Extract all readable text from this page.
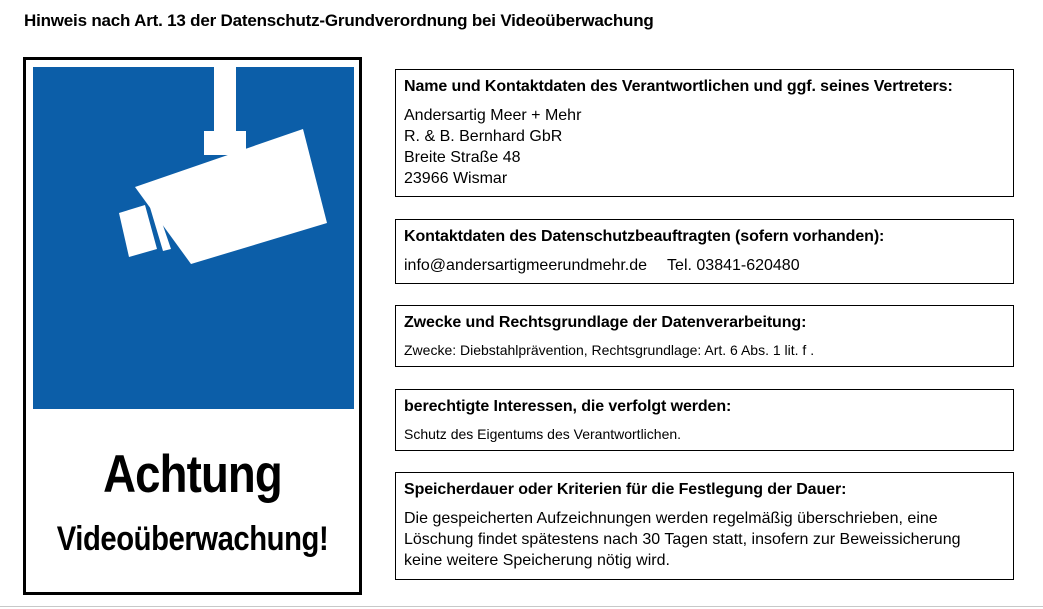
Hinweis nach Art. 13 der Datenschutz-Grundverordnung bei Videoüberwachung
Achtung
Videoüberwachung!
Name und Kontaktdaten des Verantwortlichen und ggf. seines Vertreters:
Andersartig Meer + Mehr
R. & B. Bernhard GbR
Breite Straße 48
23966 Wismar
Kontaktdaten des Datenschutzbeauftragten (sofern vorhanden):
info@andersartigmeerundmehr.de Tel. 03841-620480
Zwecke und Rechtsgrundlage der Datenverarbeitung:
Zwecke: Diebstahlprävention, Rechtsgrundlage: Art. 6 Abs. 1 lit. f .
berechtigte Interessen, die verfolgt werden:
Schutz des Eigentums des Verantwortlichen.
Speicherdauer oder Kriterien für die Festlegung der Dauer:
Die gespeicherten Aufzeichnungen werden regelmäßig überschrieben, eine
Löschung findet spätestens nach 30 Tagen statt, insofern zur Beweissicherung
keine weitere Speicherung nötig wird.
